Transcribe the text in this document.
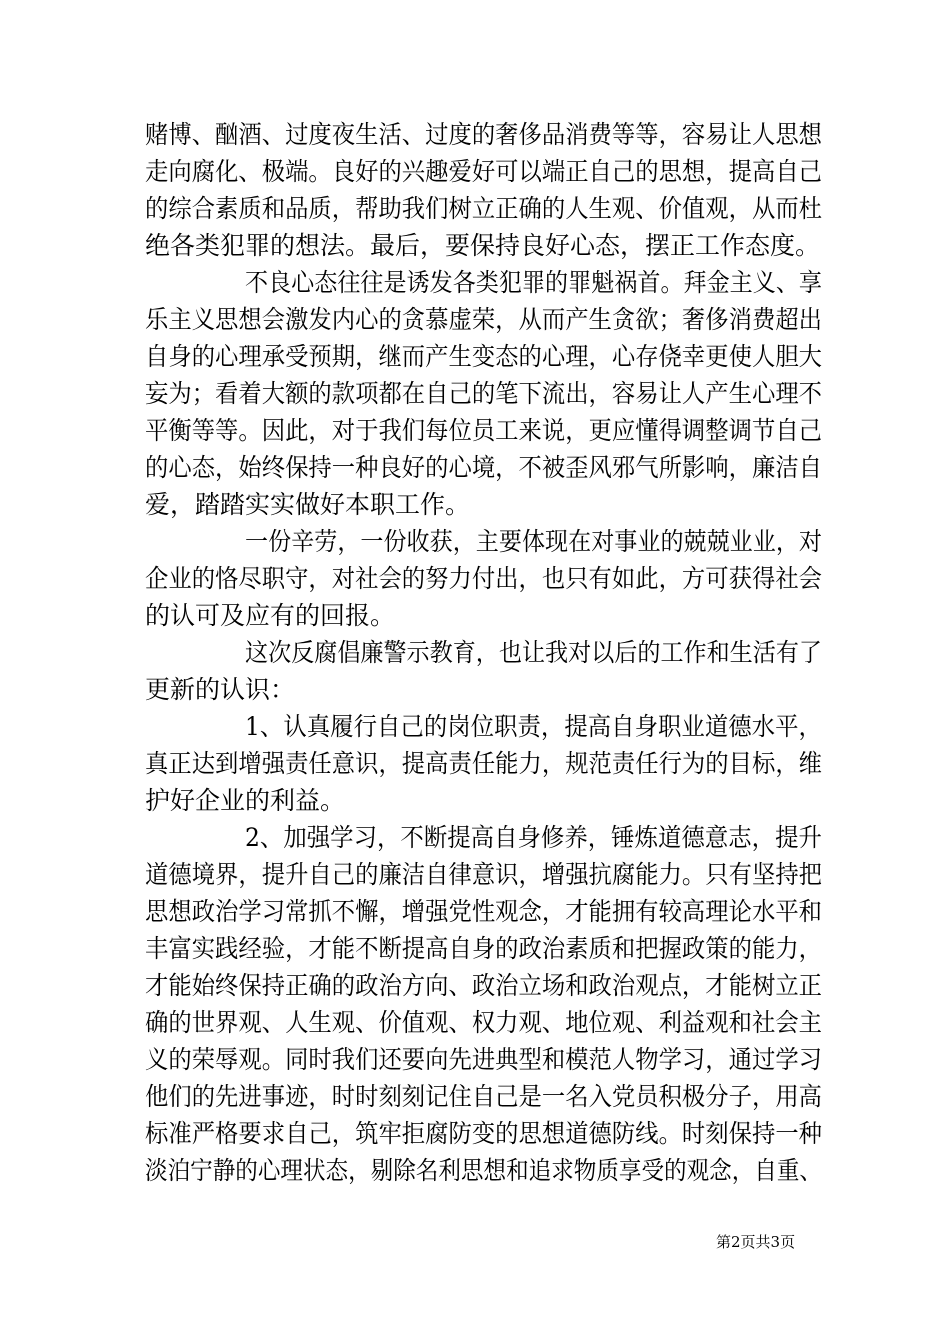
赌博、酗酒、过度夜生活、过度的奢侈品消费等等，容易让人思想
走向腐化、极端。良好的兴趣爱好可以端正自己的思想，提高自己
的综合素质和品质，帮助我们树立正确的人生观、价值观，从而杜
绝各类犯罪的想法。最后，要保持良好心态，摆正工作态度。
不良心态往往是诱发各类犯罪的罪魁祸首。拜金主义、享
乐主义思想会激发内心的贪慕虚荣，从而产生贪欲；奢侈消费超出
自身的心理承受预期，继而产生变态的心理，心存侥幸更使人胆大
妄为；看着大额的款项都在自己的笔下流出，容易让人产生心理不
平衡等等。因此，对于我们每位员工来说，更应懂得调整调节自己
的心态，始终保持一种良好的心境，不被歪风邪气所影响，廉洁自
爱，踏踏实实做好本职工作。
一份辛劳，一份收获，主要体现在对事业的兢兢业业，对
企业的恪尽职守，对社会的努力付出，也只有如此，方可获得社会
的认可及应有的回报。
这次反腐倡廉警示教育，也让我对以后的工作和生活有了
更新的认识：
1、认真履行自己的岗位职责，提高自身职业道德水平，
真正达到增强责任意识，提高责任能力，规范责任行为的目标，维
护好企业的利益。
2、加强学习，不断提高自身修养，锤炼道德意志，提升
道德境界，提升自己的廉洁自律意识，增强抗腐能力。只有坚持把
思想政治学习常抓不懈，增强党性观念，才能拥有较高理论水平和
丰富实践经验，才能不断提高自身的政治素质和把握政策的能力，
才能始终保持正确的政治方向、政治立场和政治观点，才能树立正
确的世界观、人生观、价值观、权力观、地位观、利益观和社会主
义的荣辱观。同时我们还要向先进典型和模范人物学习，通过学习
他们的先进事迹，时时刻刻记住自己是一名入党员积极分子，用高
标准严格要求自己，筑牢拒腐防变的思想道德防线。时刻保持一种
淡泊宁静的心理状态，剔除名利思想和追求物质享受的观念，自重、
第2页共3页
